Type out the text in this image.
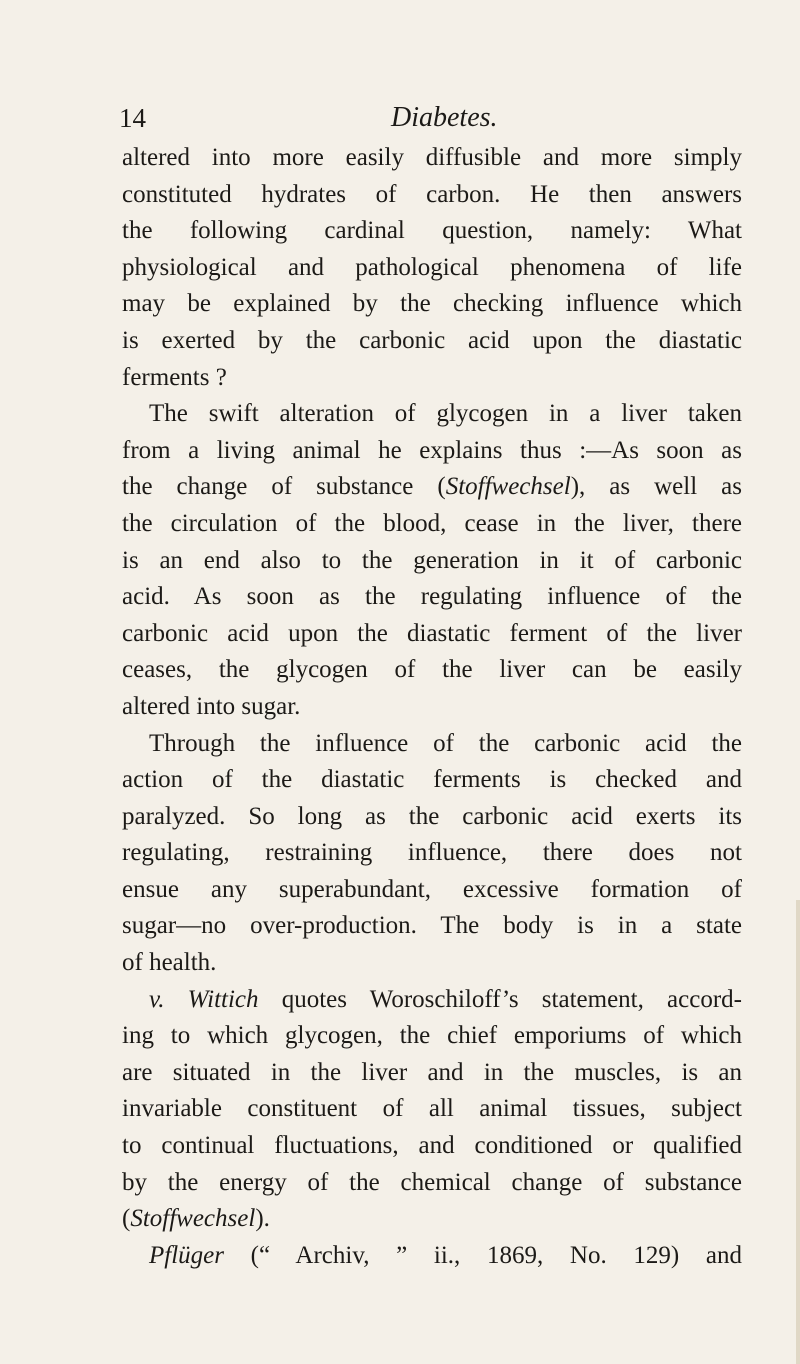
14	Diabetes.
altered into more easily diffusible and more simply
constituted hydrates of carbon. He then answers
the following cardinal question, namely: What
physiological and pathological phenomena of life
may be explained by the checking influence which
is exerted by the carbonic acid upon the diastatic
ferments ?
The swift alteration of glycogen in a liver taken
from a living animal he explains thus :—As soon as
the change of substance (Stoffwechsel), as well as
the circulation of the blood, cease in the liver, there
is an end also to the generation in it of carbonic
acid. As soon as the regulating influence of the
carbonic acid upon the diastatic ferment of the liver
ceases, the glycogen of the liver can be easily
altered into sugar.
Through the influence of the carbonic acid the
action of the diastatic ferments is checked and
paralyzed. So long as the carbonic acid exerts its
regulating, restraining influence, there does not
ensue any superabundant, excessive formation of
sugar—no over-production. The body is in a state
of health.
v. Wittich quotes Woroschiloff’s statement, accord-
ing to which glycogen, the chief emporiums of which
are situated in the liver and in the muscles, is an
invariable constituent of all animal tissues, subject
to continual fluctuations, and conditioned or qualified
by the energy of the chemical change of substance
(Stoffwechsel).
Pflüger (“ Archiv, ” ii., 1869, No. 129) and
